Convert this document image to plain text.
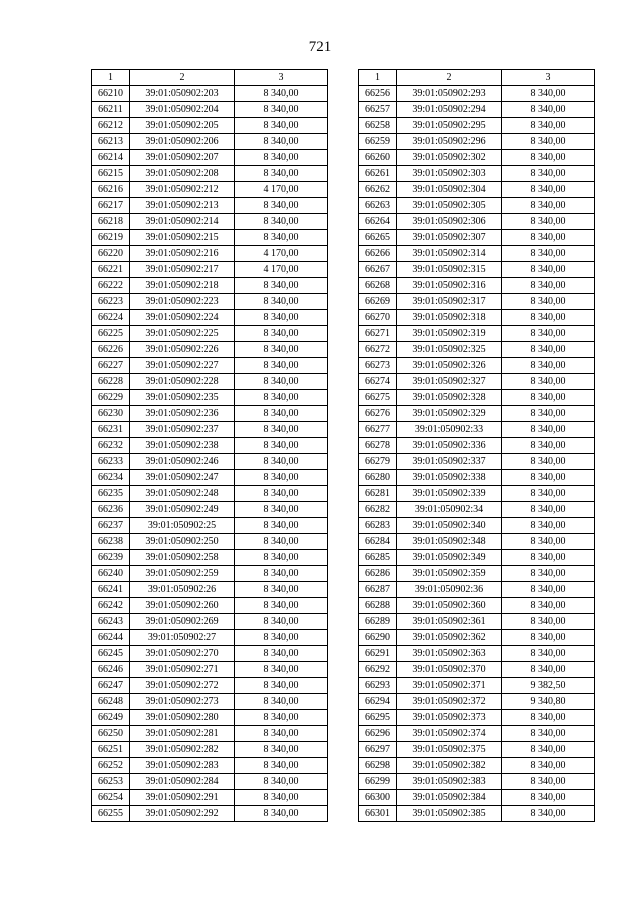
721
1	2	3
66210	39:01:050902:203	8 340,00
66211	39:01:050902:204	8 340,00
66212	39:01:050902:205	8 340,00
66213	39:01:050902:206	8 340,00
66214	39:01:050902:207	8 340,00
66215	39:01:050902:208	8 340,00
66216	39:01:050902:212	4 170,00
66217	39:01:050902:213	8 340,00
66218	39:01:050902:214	8 340,00
66219	39:01:050902:215	8 340,00
66220	39:01:050902:216	4 170,00
66221	39:01:050902:217	4 170,00
66222	39:01:050902:218	8 340,00
66223	39:01:050902:223	8 340,00
66224	39:01:050902:224	8 340,00
66225	39:01:050902:225	8 340,00
66226	39:01:050902:226	8 340,00
66227	39:01:050902:227	8 340,00
66228	39:01:050902:228	8 340,00
66229	39:01:050902:235	8 340,00
66230	39:01:050902:236	8 340,00
66231	39:01:050902:237	8 340,00
66232	39:01:050902:238	8 340,00
66233	39:01:050902:246	8 340,00
66234	39:01:050902:247	8 340,00
66235	39:01:050902:248	8 340,00
66236	39:01:050902:249	8 340,00
66237	39:01:050902:25	8 340,00
66238	39:01:050902:250	8 340,00
66239	39:01:050902:258	8 340,00
66240	39:01:050902:259	8 340,00
66241	39:01:050902:26	8 340,00
66242	39:01:050902:260	8 340,00
66243	39:01:050902:269	8 340,00
66244	39:01:050902:27	8 340,00
66245	39:01:050902:270	8 340,00
66246	39:01:050902:271	8 340,00
66247	39:01:050902:272	8 340,00
66248	39:01:050902:273	8 340,00
66249	39:01:050902:280	8 340,00
66250	39:01:050902:281	8 340,00
66251	39:01:050902:282	8 340,00
66252	39:01:050902:283	8 340,00
66253	39:01:050902:284	8 340,00
66254	39:01:050902:291	8 340,00
66255	39:01:050902:292	8 340,00
1	2	3
66256	39:01:050902:293	8 340,00
66257	39:01:050902:294	8 340,00
66258	39:01:050902:295	8 340,00
66259	39:01:050902:296	8 340,00
66260	39:01:050902:302	8 340,00
66261	39:01:050902:303	8 340,00
66262	39:01:050902:304	8 340,00
66263	39:01:050902:305	8 340,00
66264	39:01:050902:306	8 340,00
66265	39:01:050902:307	8 340,00
66266	39:01:050902:314	8 340,00
66267	39:01:050902:315	8 340,00
66268	39:01:050902:316	8 340,00
66269	39:01:050902:317	8 340,00
66270	39:01:050902:318	8 340,00
66271	39:01:050902:319	8 340,00
66272	39:01:050902:325	8 340,00
66273	39:01:050902:326	8 340,00
66274	39:01:050902:327	8 340,00
66275	39:01:050902:328	8 340,00
66276	39:01:050902:329	8 340,00
66277	39:01:050902:33	8 340,00
66278	39:01:050902:336	8 340,00
66279	39:01:050902:337	8 340,00
66280	39:01:050902:338	8 340,00
66281	39:01:050902:339	8 340,00
66282	39:01:050902:34	8 340,00
66283	39:01:050902:340	8 340,00
66284	39:01:050902:348	8 340,00
66285	39:01:050902:349	8 340,00
66286	39:01:050902:359	8 340,00
66287	39:01:050902:36	8 340,00
66288	39:01:050902:360	8 340,00
66289	39:01:050902:361	8 340,00
66290	39:01:050902:362	8 340,00
66291	39:01:050902:363	8 340,00
66292	39:01:050902:370	8 340,00
66293	39:01:050902:371	9 382,50
66294	39:01:050902:372	9 340,80
66295	39:01:050902:373	8 340,00
66296	39:01:050902:374	8 340,00
66297	39:01:050902:375	8 340,00
66298	39:01:050902:382	8 340,00
66299	39:01:050902:383	8 340,00
66300	39:01:050902:384	8 340,00
66301	39:01:050902:385	8 340,00
